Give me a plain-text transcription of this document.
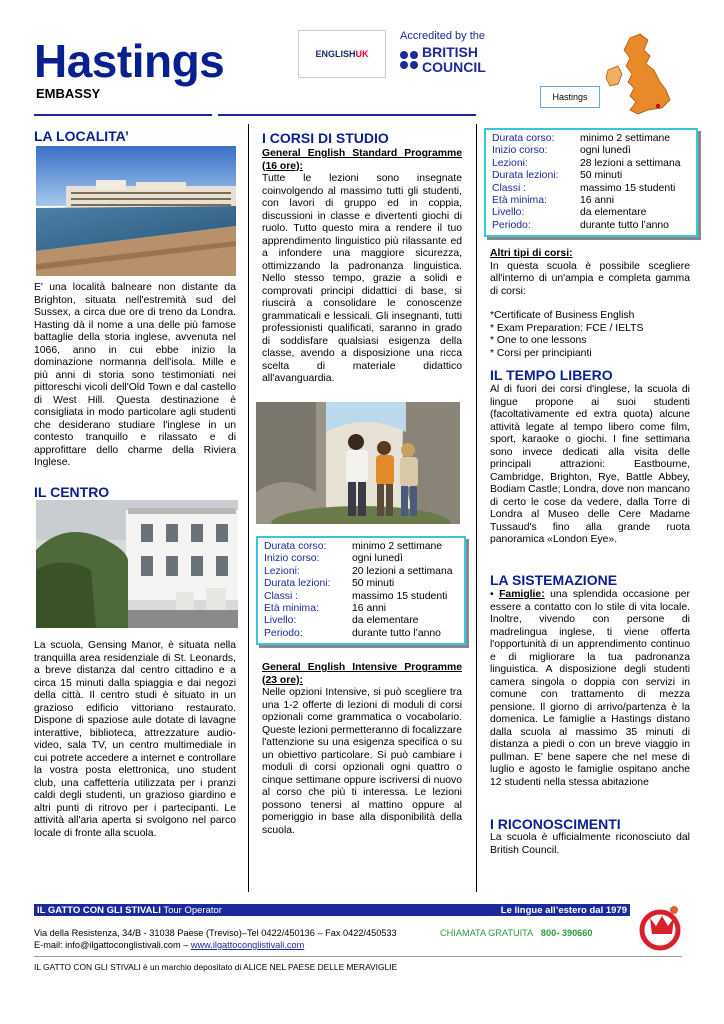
Hastings
EMBASSY
ENGLISH UK
Accredited by the
BRITISH
COUNCIL
Hastings
LA LOCALITA’
E' una località balneare non distante da Brighton, situata nell'estremità sud del Sussex, a circa due ore di treno da Londra. Hasting dà il nome a una delle più famose battaglie della storia inglese, avvenuta nel 1066, anno in cui ebbe inizio la dominazione normanna dell'isola. Mille e più anni di storia sono testimoniati nei pittoreschi vicoli dell'Old Town e dal castello di West Hill. Questa destinazione è consigliata in modo particolare agli studenti che desiderano studiare l'inglese in un contesto tranquillo e rilassato e di approfittare dello charme della Riviera Inglese.
IL CENTRO
La scuola, Gensing Manor, è situata nella tranquilla area residenziale di St. Leonards, a breve distanza dal centro cittadino e a circa 15 minuti dalla spiaggia e dai negozi della città. Il centro studi è situato in un grazioso edificio vittoriano restaurato. Dispone di spaziose aule dotate di lavagne interattive, biblioteca, attrezzature audio-video, sala TV, un centro multimediale in cui potrete accedere a internet e controllare la vostra posta elettronica, uno student club, una caffetteria utilizzata per i pranzi caldi degli studenti, un grazioso giardino e altri punti di ritrovo per i partecipanti. Le attività all'aria aperta si svolgono nel parco locale di fronte alla scuola.
I CORSI DI STUDIO
General English Standard Programme (16 ore):
Tutte le lezioni sono insegnate coinvolgendo al massimo tutti gli studenti, con lavori di gruppo ed in coppia, discussioni in classe e divertenti giochi di ruolo. Tutto questo mira a rendere il tuo apprendimento linguistico più rilassante ed a infondere una maggiore sicurezza, ottimizzando la padronanza linguistica. Nello stesso tempo, grazie a solidi e comprovati principi didattici di base, si riuscirà a consolidare le conoscenze grammaticali e lessicali. Gli insegnanti, tutti professionisti qualificati, saranno in grado di soddisfare qualsiasi esigenza della classe, avendo a disposizione una ricca scelta di materiale didattico all'avanguardia.
Durata corso:	minimo 2 settimane
Inizio corso:	ogni lunedì
Lezioni:	20 lezioni a settimana
Durata lezioni:	50 minuti
Classi :	massimo 15 studenti
Età minima:	16 anni
Livello:	da elementare
Periodo:	durante tutto l’anno
General English Intensive Programme (23 ore):
Nelle opzioni Intensive, si può scegliere tra una 1-2 offerte di lezioni di moduli di corsi opzionali come grammatica o vocabolario. Queste lezioni permetteranno di focalizzare l'attenzione su una esigenza specifica o su un obiettivo particolare. Si può cambiare i moduli di corsi opzionali ogni quattro o cinque settimane oppure iscriversi di nuovo al corso che più ti interessa. Le lezioni possono tenersi al mattino oppure al pomeriggio in base alla disponibilità della scuola.
Durata corso:	minimo 2 settimane
Inizio corso:	ogni lunedì
Lezioni:	28 lezioni a settimana
Durata lezioni:	50 minuti
Classi :	massimo 15 studenti
Età minima:	16 anni
Livello:	da elementare
Periodo:	durante tutto l’anno
Altri tipi di corsi:
In questa scuola è possibile scegliere all'interno di un'ampia e completa gamma di corsi:
*Certificate of Business English
* Exam Preparation: FCE / IELTS
* One to one lessons
* Corsi per principianti
IL TEMPO LIBERO
Al di fuori dei corsi d'inglese, la scuola di lingue propone ai suoi studenti (facoltativamente ed extra quota) alcune attività legate al tempo libero come film, sport, karaoke o giochi. I fine settimana sono invece dedicati alla visita delle principali attrazioni: Eastbourne, Cambridge, Brighton, Rye, Battle Abbey, Bodiam Castle; Londra, dove non mancano di certo le cose da vedere, dalla Torre di Londra al Museo delle Cere Madame Tussaud's fino alla grande ruota panoramica «London Eye».
LA SISTEMAZIONE
• Famiglie: una splendida occasione per essere a contatto con lo stile di vita locale. Inoltre, vivendo con persone di madrelingua inglese, ti viene offerta l'opportunità di un apprendimento continuo e di migliorare la tua padronanza linguistica. A disposizione degli studenti camera singola o doppia con servizi in comune con trattamento di mezza pensione. Il giorno di arrivo/partenza è la domenica. Le famiglie a Hastings distano dalla scuola al massimo 35 minuti di distanza a piedi o con un breve viaggio in pullman. E' bene sapere che nel mese di luglio e agosto le famiglie ospitano anche 12 studenti nella stessa abitazione
I RICONOSCIMENTI
La scuola è ufficialmente riconosciuto dal British Council.
IL GATTO CON GLI STIVALI Tour Operator	Le lingue all’estero dal 1979
Via della Resistenza, 34/B - 31038 Paese (Treviso)–Tel 0422/450136 – Fax 0422/450533	CHIAMATA GRATUITA 800- 390660
E-mail: info@ilgattoconglistivali.com – www.ilgattoconglistivali.com
IL GATTO CON GLI STIVALI è un marchio depositato di ALICE NEL PAESE DELLE MERAVIGLIE
